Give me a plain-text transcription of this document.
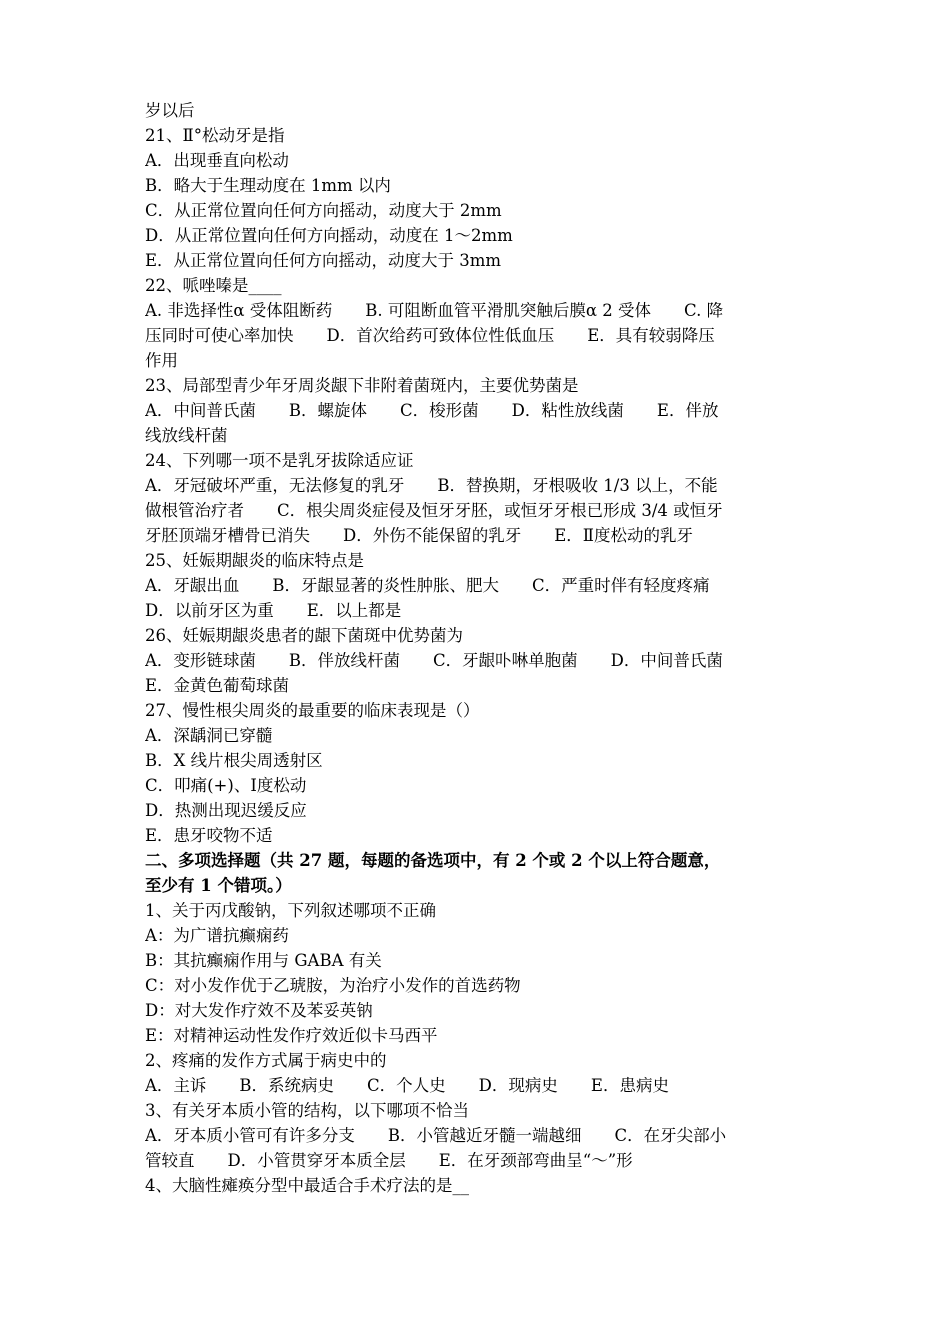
岁以后
21、Ⅱ°松动牙是指
A．出现垂直向松动
B．略大于生理动度在 1mm 以内
C．从正常位置向任何方向摇动，动度大于 2mm
D．从正常位置向任何方向摇动，动度在 1～2mm
E．从正常位置向任何方向摇动，动度大于 3mm
22、哌唑嗪是____
A. 非选择性α 受体阻断药　　B. 可阻断血管平滑肌突触后膜α 2 受体　　C. 降
压同时可使心率加快　　D．首次给药可致体位性低血压　　E．具有较弱降压
作用
23、局部型青少年牙周炎龈下非附着菌斑内，主要优势菌是
A．中间普氏菌　　B．螺旋体　　C．梭形菌　　D．粘性放线菌　　E．伴放
线放线杆菌
24、下列哪一项不是乳牙拔除适应证
A．牙冠破坏严重，无法修复的乳牙　　B．替换期，牙根吸收 1/3 以上，不能
做根管治疗者　　C．根尖周炎症侵及恒牙牙胚，或恒牙牙根已形成 3/4 或恒牙
牙胚顶端牙槽骨已消失　　D．外伤不能保留的乳牙　　E．Ⅱ度松动的乳牙
25、妊娠期龈炎的临床特点是
A．牙龈出血　　B．牙龈显著的炎性肿胀、肥大　　C．严重时伴有轻度疼痛
D．以前牙区为重　　E．以上都是
26、妊娠期龈炎患者的龈下菌斑中优势菌为
A．变形链球菌　　B．伴放线杆菌　　C．牙龈卟啉单胞菌　　D．中间普氏菌
E．金黄色葡萄球菌
27、慢性根尖周炎的最重要的临床表现是（）
A．深龋洞已穿髓
B．X 线片根尖周透射区
C．叩痛(+)、Ⅰ度松动
D．热测出现迟缓反应
E．患牙咬物不适
二、多项选择题（共 27 题，每题的备选项中，有 2 个或 2 个以上符合题意，
至少有 1 个错项。）
1、关于丙戊酸钠，下列叙述哪项不正确
A：为广谱抗癫痫药
B：其抗癫痫作用与 GABA 有关
C：对小发作优于乙琥胺，为治疗小发作的首选药物
D：对大发作疗效不及苯妥英钠
E：对精神运动性发作疗效近似卡马西平
2、疼痛的发作方式属于病史中的
A．主诉　　B．系统病史　　C．个人史　　D．现病史　　E．患病史
3、有关牙本质小管的结构，以下哪项不恰当
A．牙本质小管可有许多分支　　B．小管越近牙髓一端越细　　C．在牙尖部小
管较直　　D．小管贯穿牙本质全层　　E．在牙颈部弯曲呈“～”形
4、大脑性瘫痪分型中最适合手术疗法的是__
